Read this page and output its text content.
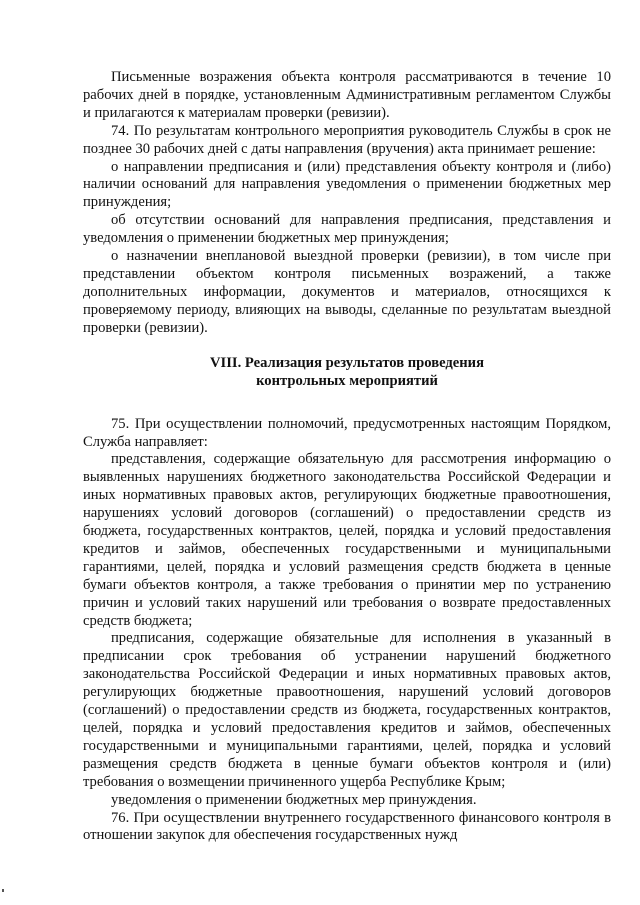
Письменные возражения объекта контроля рассматриваются в течение 10 рабочих дней в порядке, установленным Административным регламентом Службы и прилагаются к материалам проверки (ревизии).

74. По результатам контрольного мероприятия руководитель Службы в срок не позднее 30 рабочих дней с даты направления (вручения) акта принимает решение:

о направлении предписания и (или) представления объекту контроля и (либо) наличии оснований для направления уведомления о применении бюджетных мер принуждения;

об отсутствии оснований для направления предписания, представления и уведомления о применении бюджетных мер принуждения;

о назначении внеплановой выездной проверки (ревизии), в том числе при представлении объектом контроля письменных возражений, а также дополнительных информации, документов и материалов, относящихся к проверяемому периоду, влияющих на выводы, сделанные по результатам выездной проверки (ревизии).

VIII. Реализация результатов проведения
контрольных мероприятий

75. При осуществлении полномочий, предусмотренных настоящим Порядком, Служба направляет:

представления, содержащие обязательную для рассмотрения информацию о выявленных нарушениях бюджетного законодательства Российской Федерации и иных нормативных правовых актов, регулирующих бюджетные правоотношения, нарушениях условий договоров (соглашений) о предоставлении средств из бюджета, государственных контрактов, целей, порядка и условий предоставления кредитов и займов, обеспеченных государственными и муниципальными гарантиями, целей, порядка и условий размещения средств бюджета в ценные бумаги объектов контроля, а также требования о принятии мер по устранению причин и условий таких нарушений или требования о возврате предоставленных средств бюджета;

предписания, содержащие обязательные для исполнения в указанный в предписании срок требования об устранении нарушений бюджетного законодательства Российской Федерации и иных нормативных правовых актов, регулирующих бюджетные правоотношения, нарушений условий договоров (соглашений) о предоставлении средств из бюджета, государственных контрактов, целей, порядка и условий предоставления кредитов и займов, обеспеченных государственными и муниципальными гарантиями, целей, порядка и условий размещения средств бюджета в ценные бумаги объектов контроля и (или) требования о возмещении причиненного ущерба Республике Крым;

уведомления о применении бюджетных мер принуждения.

76. При осуществлении внутреннего государственного финансового контроля в отношении закупок для обеспечения государственных нужд
